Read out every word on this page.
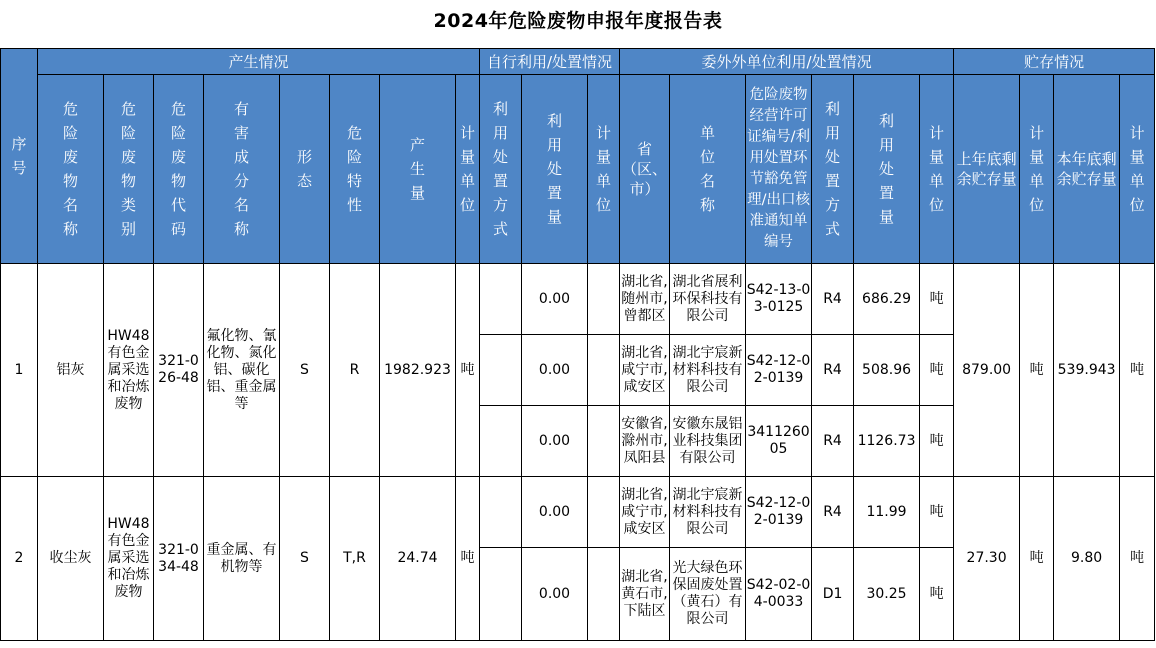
2024年危险废物申报年度报告表
序号	产生情况								自行利用/处置情况			委外外单位利用/处置情况						贮存情况			
	危险废物名称	危险废物类别	危险废物代码	有害成分名称	形态	危险特性	产生量	计量单位	利用处置方式	利用处置量	计量单位	省（区、市）	单位名称	危险废物经营许可证编号/利用处置环节豁免管理/出口核准通知单编号	利用处置方式	利用处置量	计量单位	上年底剩余贮存量	计量单位	本年底剩余贮存量	计量单位
1	铝灰	HW48有色金属采选和冶炼废物	321-026-48	氟化物、氰化物、氮化铝、碳化铝、重金属等	S	R	1982.923	吨		0.00		湖北省,随州市,曾都区	湖北省展利环保科技有限公司	S42-13-03-0125	R4	686.29	吨	879.00	吨	539.943	吨
										0.00		湖北省,咸宁市,咸安区	湖北宇宸新材料科技有限公司	S42-12-02-0139	R4	508.96	吨				
										0.00		安徽省,滁州市,凤阳县	安徽东晟铝业科技集团有限公司	341126005	R4	1126.73	吨				
2	收尘灰	HW48有色金属采选和冶炼废物	321-034-48	重金属、有机物等	S	T,R	24.74	吨		0.00		湖北省,咸宁市,咸安区	湖北宇宸新材料科技有限公司	S42-12-02-0139	R4	11.99	吨	27.30	吨	9.80	吨
										0.00		湖北省,黄石市,下陆区	光大绿色环保固废处置（黄石）有限公司	S42-02-04-0033	D1	30.25	吨				
